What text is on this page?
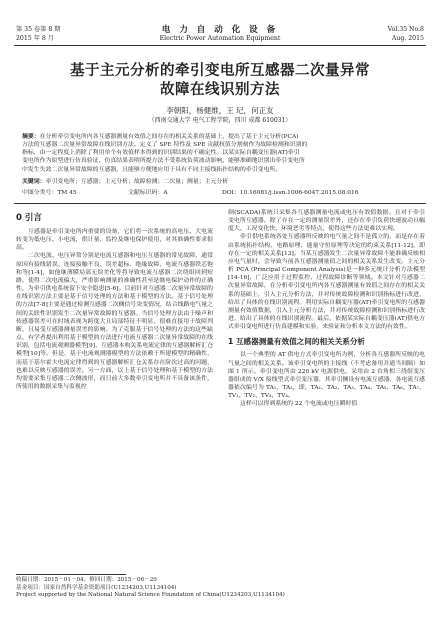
第 35 卷第 8 期
2015 年 8 月
电 力 自 动 化 设 备
Electric Power Automation Equipment
Vol.35 No.8
Aug. 2015
基于主元分析的牵引变电所互感器二次量异常
故障在线识别方法
李朝阳，杨健维，王 玘，何正友
（西南交通大学 电气工程学院，四川 成都 610031）
摘要：在分析牵引变电所内各互感器测量有效值之间存在的相关关系的基础上，提出了基于主元分析(PCA)
方法的互感器二次量异常故障在线识别方法。定义了 SPE 特性及 SPE 贡献权值分割刻作为故障检测和识别的
指标，由一定程度上消除了利用单个有效值样本得到的识别结果的不确定性。以某实际自耦变压器(AT)牵引
变电所作为原型进行仿真验证，仿真结果表明所提方法不受系统负荷波动影响，能够准确地识别出牵引变电所
中发生失效二次量异常故障的互感器，且能够方便地应用于具有不同主接线拓扑结构的牵引变电所。
关键词：牵引变电所；互感器；主元分析；故障检测；二次量；测量；主元分析
中图分类号：TM 45	文献标识码：A	DOI：10.16081/j.issn.1006-6047.2015.08.016
0 引言
互感器是牵引变电所内重要的设备，它们将一次系统的高电压、大电流转变为低电压、小电流，供计量、监控及继电保护使用，对其准确性要求很高。
二次电流、电压异常分别是电流互感器和电压互感器的常见故障，通常原因有接线错误、连接接触不良、误差超标、绝缘故障、电流互感器铁芯饱和等[1-4]，如他继薄膜局部无误差化等将导致电流互感器二次绕组回到短路，使得二次电流偏大，严重影响测量的准确性甚至是继电保护动作的正确性，为牵引供电系统留下安全隐患[5-6]。目前针对互感器二次量异常故障的在线识别方法主要是基于信号处理的方法和基于模型的方法。基于信号处理的方法[7-8]主要是通过检测互感器二次侧信号突变情况，结合线路电气量之间的关联性识别发生二次量异常故障的互感器。当信号处理方法由于噪声和传感器误差可在时域表现为跨度大且局部特征不明显，很难直接用于故障判断，且易受互感器测量误差的影响。为了克服基于信号处理的方法的这些缺点，有学者提出利用基于模型的方法进行电流互感器二次量异常故障的在线识别，包括电流观测器模型[9]、互感器本构关系电流定律的互感器解析汇仓模型[10]等。但是，基于电流观测器模型的方法依赖于所建模型的精确性，而基于基尔霍夫电流定律得到的互感器解析汇仓关系存在阶次过高的问题，也难以反映互感器的误差。另一方面，以上基于信号处理和基于模型的方法均需要采集互感器二次侧波形，而日前大多数牵引变电所并不具备该条件，所使用的数据采集与监视控
制(SCADA)系统只采集各互感器测量电流或电压有效值数据。且对于牵引变电所互感器，除了存在一定的测量误差外，还存在牵引负荷快速波动且幅度大、工况变化快、环境恶劣等特点，使得这些方法更难以实现。
牵引供电系统各处互感器所反映的电气量之间不是孤立的，而是存在着由系统拓扑结构、电路原理、能量守恒原理等决定的约束关系[11-12]，即存在一定的相关关系[13]。当某互感器发生二次量异常故障不能准确反映相应电气量时，会导致当前各互感器测量值之间的相关关系发生改变。主元分析 PCA (Principal Component Analysis)是一种多元统计分析方法模型[14-16]，广泛应用于过程监控、过程故障诊断等领域。本文针对互感器二次量异常故障，在分析牵引变电所内各互感器测量有效值之间存在的相关关系的基础上，引入主元分析方法，并对传统故障检测和识别指标进行改进，给出了具体的在线识别流程。利用实际自耦变压器(AT)牵引变电所的互感器测量有效值数据，引入主元分析方法，并对传统故障检测和识别指标进行改进，给出了具体的在线识别流程。最后，依据某实际自耦变压器(AT)供电方式牵引变电所进行仿真建模和实验，来验证和分析本文方法的有效性。
1 互感器测量有效值之间的相关关系分析
以一个典型的 AT 供电方式牵引变电所为例，分析各互感器所反映的电气量之间的相关关系。该牵引变电所的主接线（不考虑备用并通当间隔）如图 1 所示。牵引变电所由 220 kV 电源供电，采用由 2 台角相三绕组变压器组成的 V/X 接线型式牵引变压器，其牵引侧设有电流互感器，各电流互感器依次编号为 TA₁、TA₂，即，TA₁、TA₂、TA₃、TA₄、TA₅、TA₆、TA₇、TV₁、TV₂、TV₃、TV₄。
这样可以得到系统的 22 个电流或电压瞬时值
收稿日期：2015－01－04；修回日期：2015－06－20
基金项目：国家自然科学基金资助项目(U1234203,U1134104)
Project supported by the National Natural Science Foundation of China(U1234203,U1134104)
